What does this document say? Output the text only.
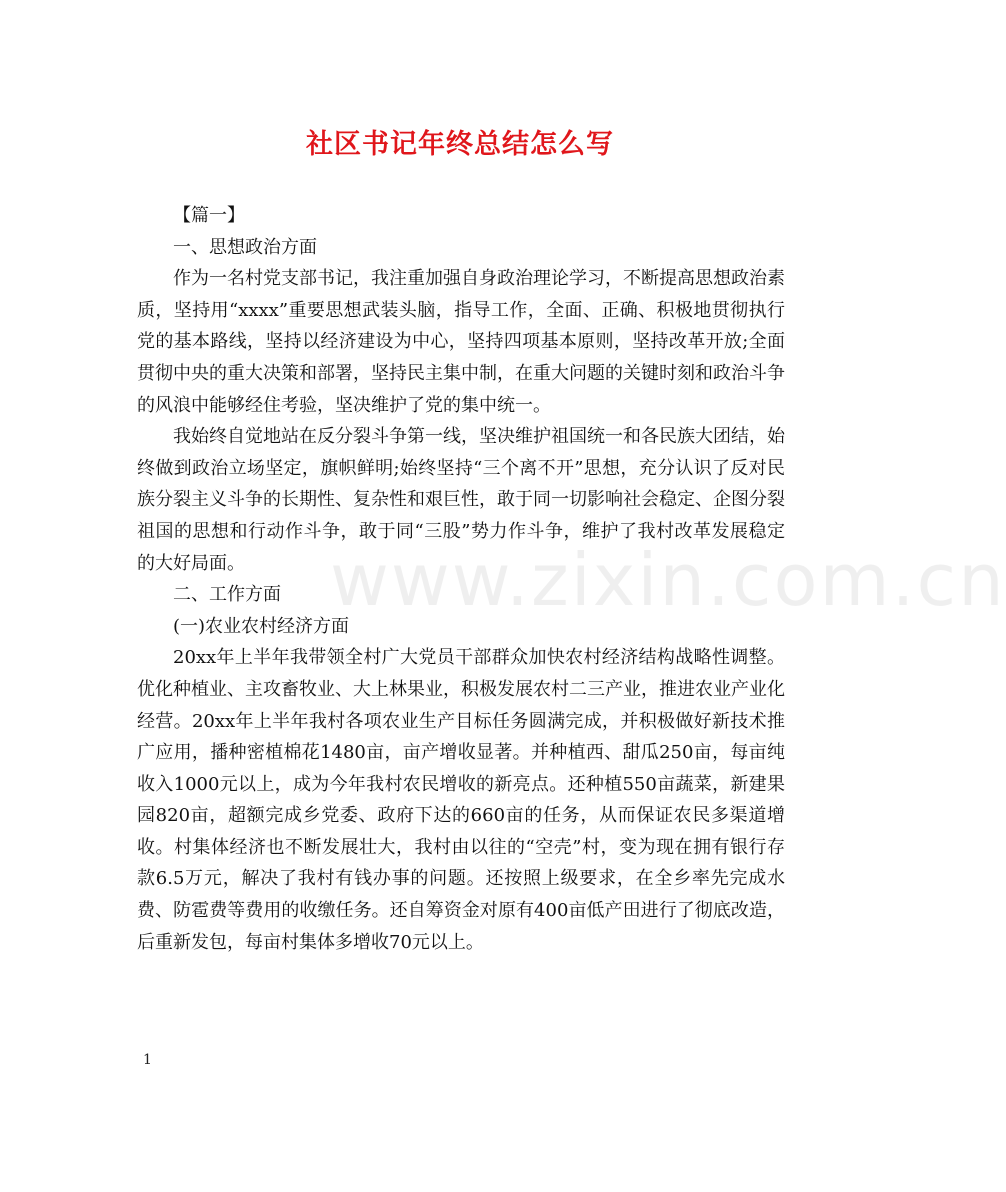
www.zixin.com.cn
社区书记年终总结怎么写

【篇一】

一、思想政治方面

作为一名村党支部书记，我注重加强自身政治理论学习，不断提高思想政治素质，坚持用“xxxx”重要思想武装头脑，指导工作，全面、正确、积极地贯彻执行党的基本路线，坚持以经济建设为中心，坚持四项基本原则，坚持改革开放;全面贯彻中央的重大决策和部署，坚持民主集中制，在重大问题的关键时刻和政治斗争的风浪中能够经住考验，坚决维护了党的集中统一。

我始终自觉地站在反分裂斗争第一线，坚决维护祖国统一和各民族大团结，始终做到政治立场坚定，旗帜鲜明;始终坚持“三个离不开”思想，充分认识了反对民族分裂主义斗争的长期性、复杂性和艰巨性，敢于同一切影响社会稳定、企图分裂祖国的思想和行动作斗争，敢于同“三股”势力作斗争，维护了我村改革发展稳定的大好局面。

二、工作方面

(一)农业农村经济方面

20xx年上半年我带领全村广大党员干部群众加快农村经济结构战略性调整。优化种植业、主攻畜牧业、大上林果业，积极发展农村二三产业，推进农业产业化经营。20xx年上半年我村各项农业生产目标任务圆满完成，并积极做好新技术推广应用，播种密植棉花1480亩，亩产增收显著。并种植西、甜瓜250亩，每亩纯收入1000元以上，成为今年我村农民增收的新亮点。还种植550亩蔬菜，新建果园820亩，超额完成乡党委、政府下达的660亩的任务，从而保证农民多渠道增收。村集体经济也不断发展壮大，我村由以往的“空壳”村，变为现在拥有银行存款6.5万元，解决了我村有钱办事的问题。还按照上级要求，在全乡率先完成水费、防雹费等费用的收缴任务。还自筹资金对原有400亩低产田进行了彻底改造，后重新发包，每亩村集体多增收70元以上。

1
